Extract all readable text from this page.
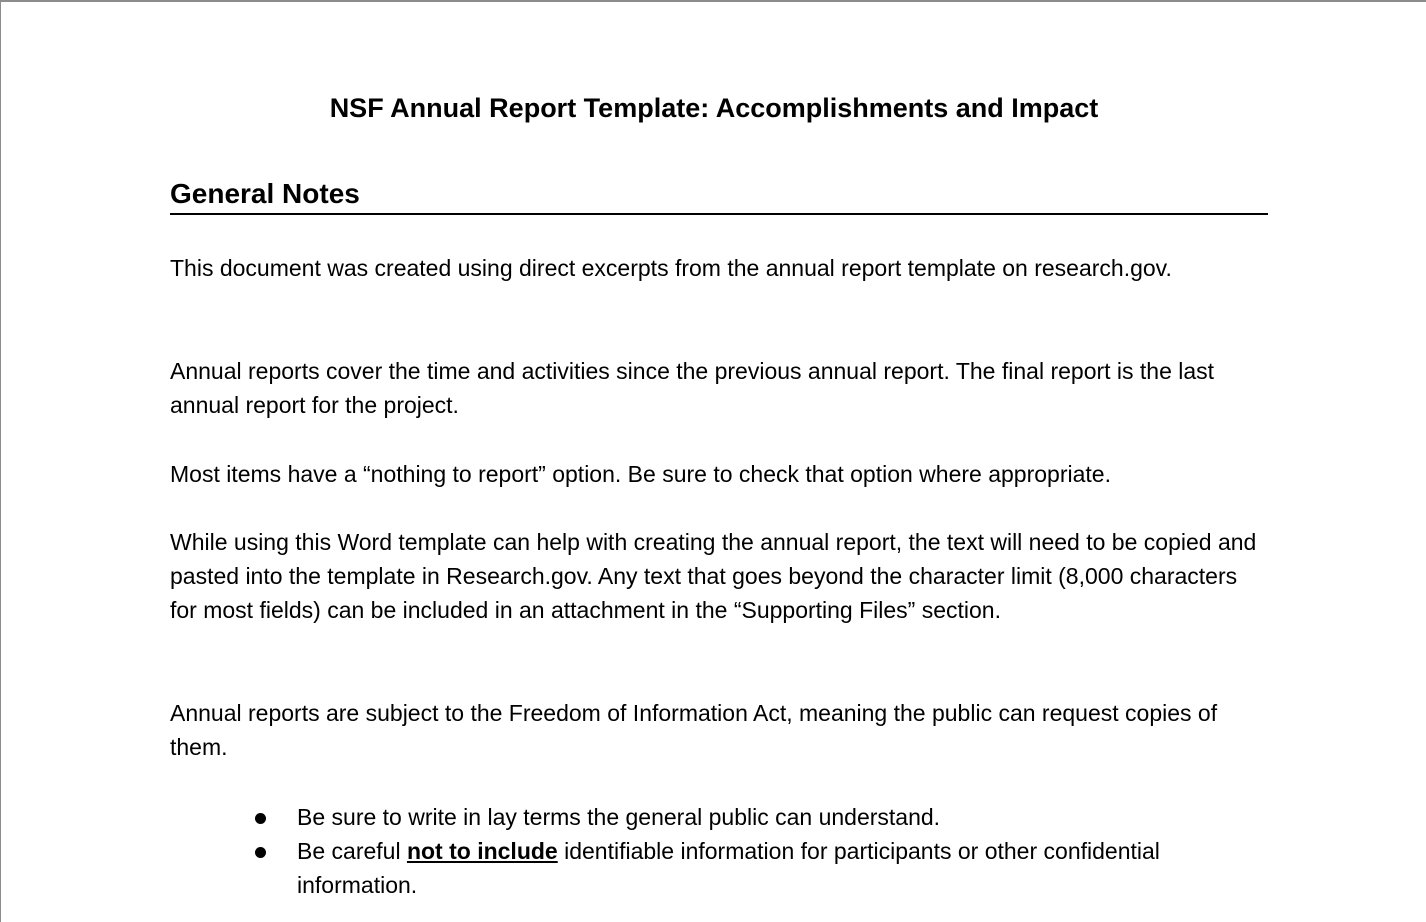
NSF Annual Report Template: Accomplishments and Impact
General Notes

This document was created using direct excerpts from the annual report template on research.gov.

Annual reports cover the time and activities since the previous annual report. The final report is the last annual report for the project.

Most items have a “nothing to report” option. Be sure to check that option where appropriate.

While using this Word template can help with creating the annual report, the text will need to be copied and pasted into the template in Research.gov. Any text that goes beyond the character limit (8,000 characters for most fields) can be included in an attachment in the “Supporting Files” section.

Annual reports are subject to the Freedom of Information Act, meaning the public can request copies of them.

Be sure to write in lay terms the general public can understand.
Be careful not to include identifiable information for participants or other confidential information.
